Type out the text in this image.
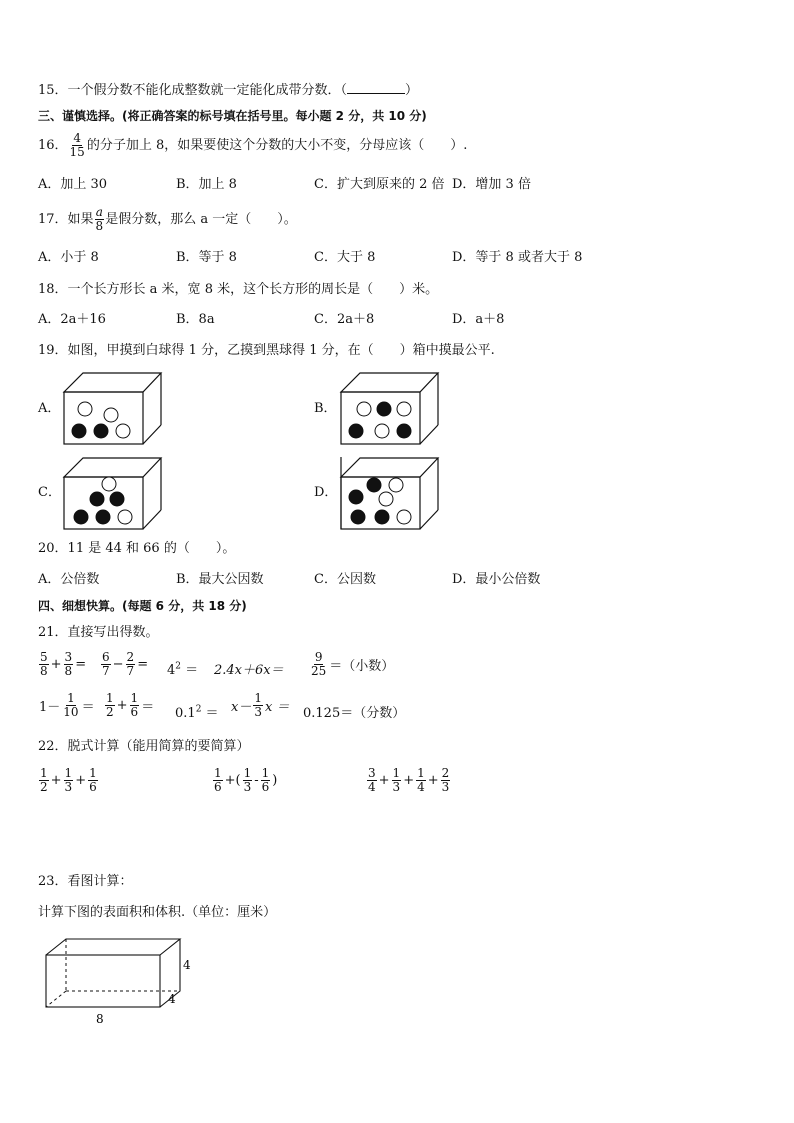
15．一个假分数不能化成整数就一定能化成带分数．（	）
三、谨慎选择。(将正确答案的标号填在括号里。每小题 2 分，共 10 分)
16． $\frac{4}{15}$ 的分子加上 8，如果要使这个分数的大小不变，分母应该（　　）.
A．加上 30	B．加上 8	C．扩大到原来的 2 倍 D．增加 3 倍
17．如果 $\frac{a}{8}$ 是假分数，那么 a 一定（　　）。
A．小于 8	B．等于 8	C．大于 8	D．等于 8 或者大于 8
18．一个长方形长 a 米，宽 8 米，这个长方形的周长是（　　）米。
A．2a＋16	B．8a	C．2a＋8	D．a＋8
19．如图，甲摸到白球得 1 分，乙摸到黑球得 1 分，在（　　）箱中摸最公平.
A．	B．
C．	D．
20．11 是 44 和 66 的（　　）。
A．公倍数	B．最大公因数	C．公因数	D．最小公倍数
四、细想快算。(每题 6 分，共 18 分)
21．直接写出得数。
$\frac{5}{8} + \frac{3}{8} = \frac{6}{7} - \frac{2}{7} = 4^2 = 2.4x+6x= \frac{9}{25}$ ＝（小数）
$1- \frac{1}{10} = \frac{1}{2} + \frac{1}{6} = 0.1^2 = x- \frac{1}{3}$ x ＝ 0.125＝（分数）
22．脱式计算（能用简算的要简算）
$\frac{1}{2} + \frac{1}{3} + \frac{1}{6}$	$\frac{1}{6}$ +( $\frac{1}{3} - \frac{1}{6}$ )	$\frac{3}{4} + \frac{1}{3} + \frac{1}{4} + \frac{2}{3}$
23．看图计算：
计算下图的表面积和体积.（单位：厘米）
4
4
8
